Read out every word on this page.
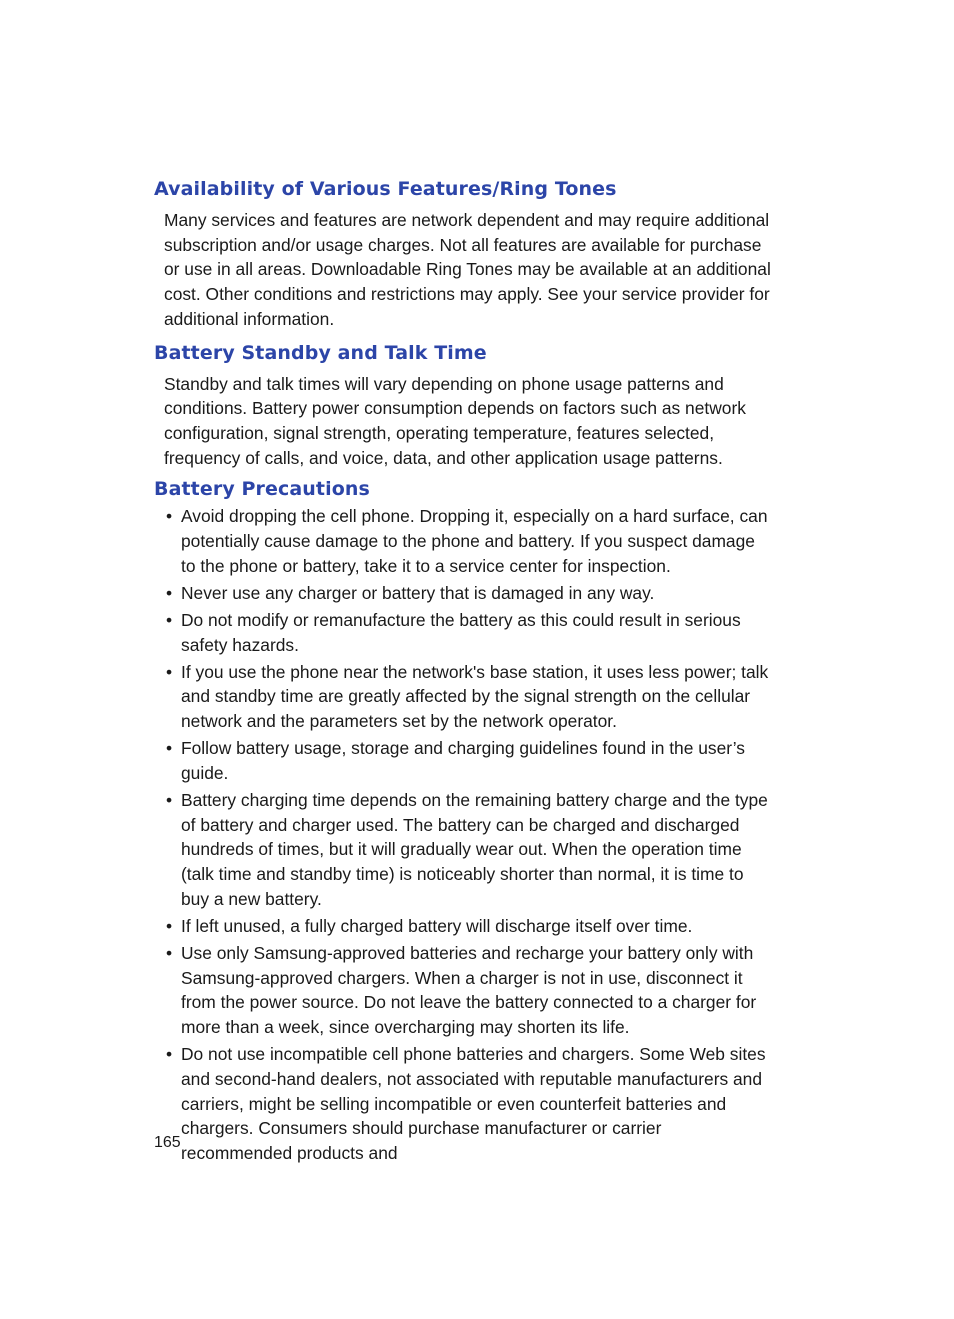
Availability of Various Features/Ring Tones

Many services and features are network dependent and may require additional subscription and/or usage charges. Not all features are available for purchase or use in all areas. Downloadable Ring Tones may be available at an additional cost. Other conditions and restrictions may apply. See your service provider for additional information.

Battery Standby and Talk Time

Standby and talk times will vary depending on phone usage patterns and conditions. Battery power consumption depends on factors such as network configuration, signal strength, operating temperature, features selected, frequency of calls, and voice, data, and other application usage patterns.

Battery Precautions
• Avoid dropping the cell phone. Dropping it, especially on a hard surface, can potentially cause damage to the phone and battery. If you suspect damage to the phone or battery, take it to a service center for inspection.
• Never use any charger or battery that is damaged in any way.
• Do not modify or remanufacture the battery as this could result in serious safety hazards.
• If you use the phone near the network's base station, it uses less power; talk and standby time are greatly affected by the signal strength on the cellular network and the parameters set by the network operator.
• Follow battery usage, storage and charging guidelines found in the user’s guide.
• Battery charging time depends on the remaining battery charge and the type of battery and charger used. The battery can be charged and discharged hundreds of times, but it will gradually wear out. When the operation time (talk time and standby time) is noticeably shorter than normal, it is time to buy a new battery.
• If left unused, a fully charged battery will discharge itself over time.
• Use only Samsung-approved batteries and recharge your battery only with Samsung-approved chargers. When a charger is not in use, disconnect it from the power source. Do not leave the battery connected to a charger for more than a week, since overcharging may shorten its life.
• Do not use incompatible cell phone batteries and chargers. Some Web sites and second-hand dealers, not associated with reputable manufacturers and carriers, might be selling incompatible or even counterfeit batteries and chargers. Consumers should purchase manufacturer or carrier recommended products and
165
